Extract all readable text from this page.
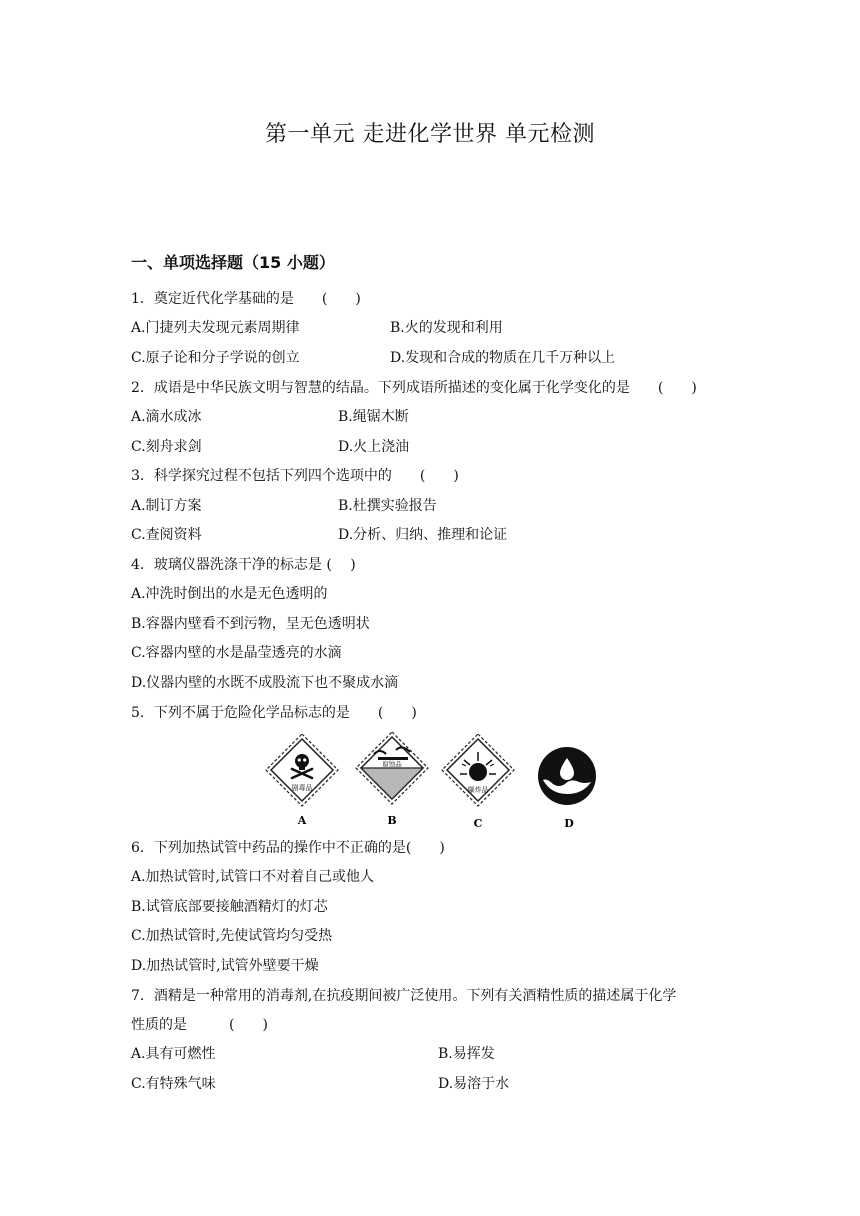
第一单元 走进化学世界 单元检测
一、单项选择题（15 小题）
1．奠定近代化学基础的是　　(　　)
A.门捷列夫发现元素周期律	B.火的发现和利用
C.原子论和分子学说的创立	D.发现和合成的物质在几千万种以上
2．成语是中华民族文明与智慧的结晶。下列成语所描述的变化属于化学变化的是　　(　　)
A.滴水成冰	B.绳锯木断
C.刻舟求剑	D.火上浇油
3．科学探究过程不包括下列四个选项中的　　(　　)
A.制订方案	B.杜撰实验报告
C.查阅资料	D.分析、归纳、推理和论证
4．玻璃仪器洗涤干净的标志是 (　 )
A.冲洗时倒出的水是无色透明的
B.容器内壁看不到污物，呈无色透明状
C.容器内壁的水是晶莹透亮的水滴
D.仪器内壁的水既不成股流下也不聚成水滴
5．下列不属于危险化学品标志的是　　(　　)
剧毒品
A
腐蚀品
B
爆炸品
C	D
6．下列加热试管中药品的操作中不正确的是(　　)
A.加热试管时,试管口不对着自己或他人
B.试管底部要接触酒精灯的灯芯
C.加热试管时,先使试管均匀受热
D.加热试管时,试管外壁要干燥
7．酒精是一种常用的消毒剂,在抗疫期间被广泛使用。下列有关酒精性质的描述属于化学
性质的是　　　(　　)
A.具有可燃性	B.易挥发
C.有特殊气味	D.易溶于水
